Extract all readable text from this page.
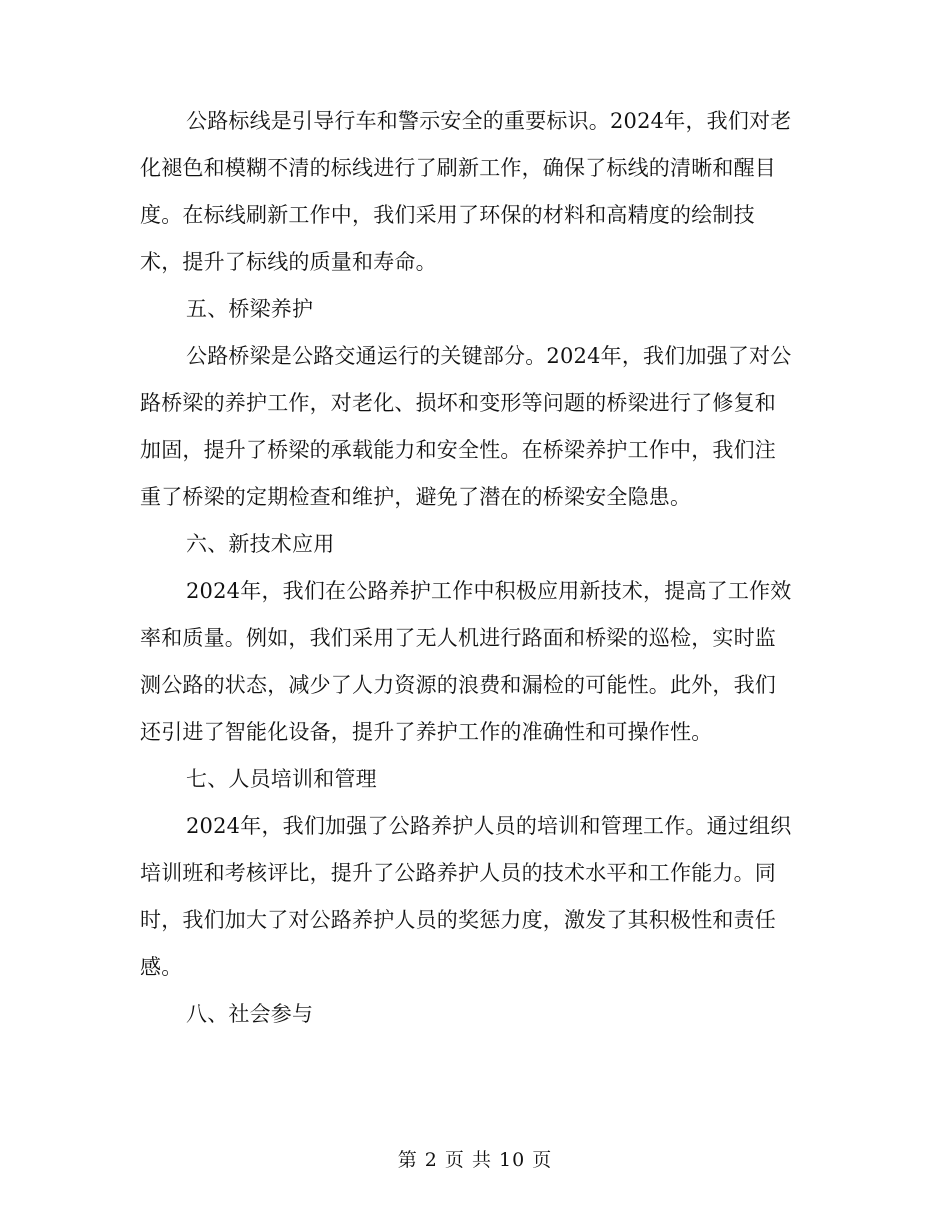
公路标线是引导行车和警示安全的重要标识。2024年，我们对老
化褪色和模糊不清的标线进行了刷新工作，确保了标线的清晰和醒目
度。在标线刷新工作中，我们采用了环保的材料和高精度的绘制技
术，提升了标线的质量和寿命。
五、桥梁养护
公路桥梁是公路交通运行的关键部分。2024年，我们加强了对公
路桥梁的养护工作，对老化、损坏和变形等问题的桥梁进行了修复和
加固，提升了桥梁的承载能力和安全性。在桥梁养护工作中，我们注
重了桥梁的定期检查和维护，避免了潜在的桥梁安全隐患。
六、新技术应用
2024年，我们在公路养护工作中积极应用新技术，提高了工作效
率和质量。例如，我们采用了无人机进行路面和桥梁的巡检，实时监
测公路的状态，减少了人力资源的浪费和漏检的可能性。此外，我们
还引进了智能化设备，提升了养护工作的准确性和可操作性。
七、人员培训和管理
2024年，我们加强了公路养护人员的培训和管理工作。通过组织
培训班和考核评比，提升了公路养护人员的技术水平和工作能力。同
时，我们加大了对公路养护人员的奖惩力度，激发了其积极性和责任
感。
八、社会参与
第 2 页 共 10 页
